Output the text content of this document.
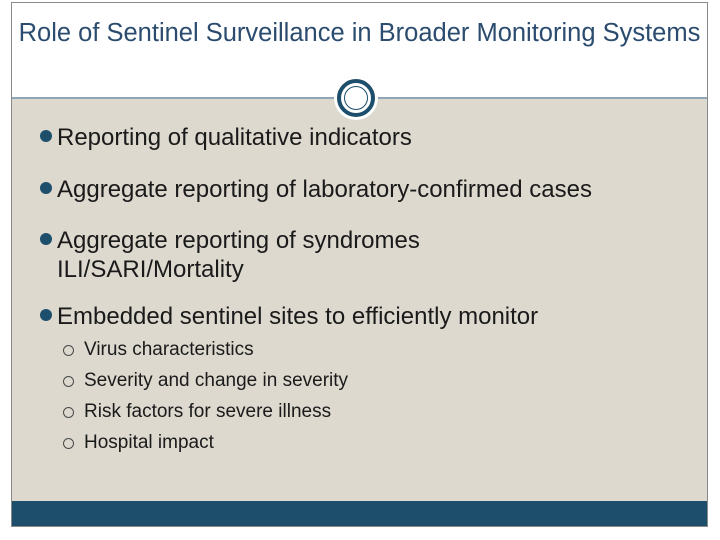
Role of Sentinel Surveillance in Broader Monitoring Systems
Reporting of qualitative indicators
Aggregate reporting of laboratory-confirmed cases
Aggregate reporting of syndromes
ILI/SARI/Mortality
Embedded sentinel sites to efficiently monitor
Virus characteristics
Severity and change in severity
Risk factors for severe illness
Hospital impact
